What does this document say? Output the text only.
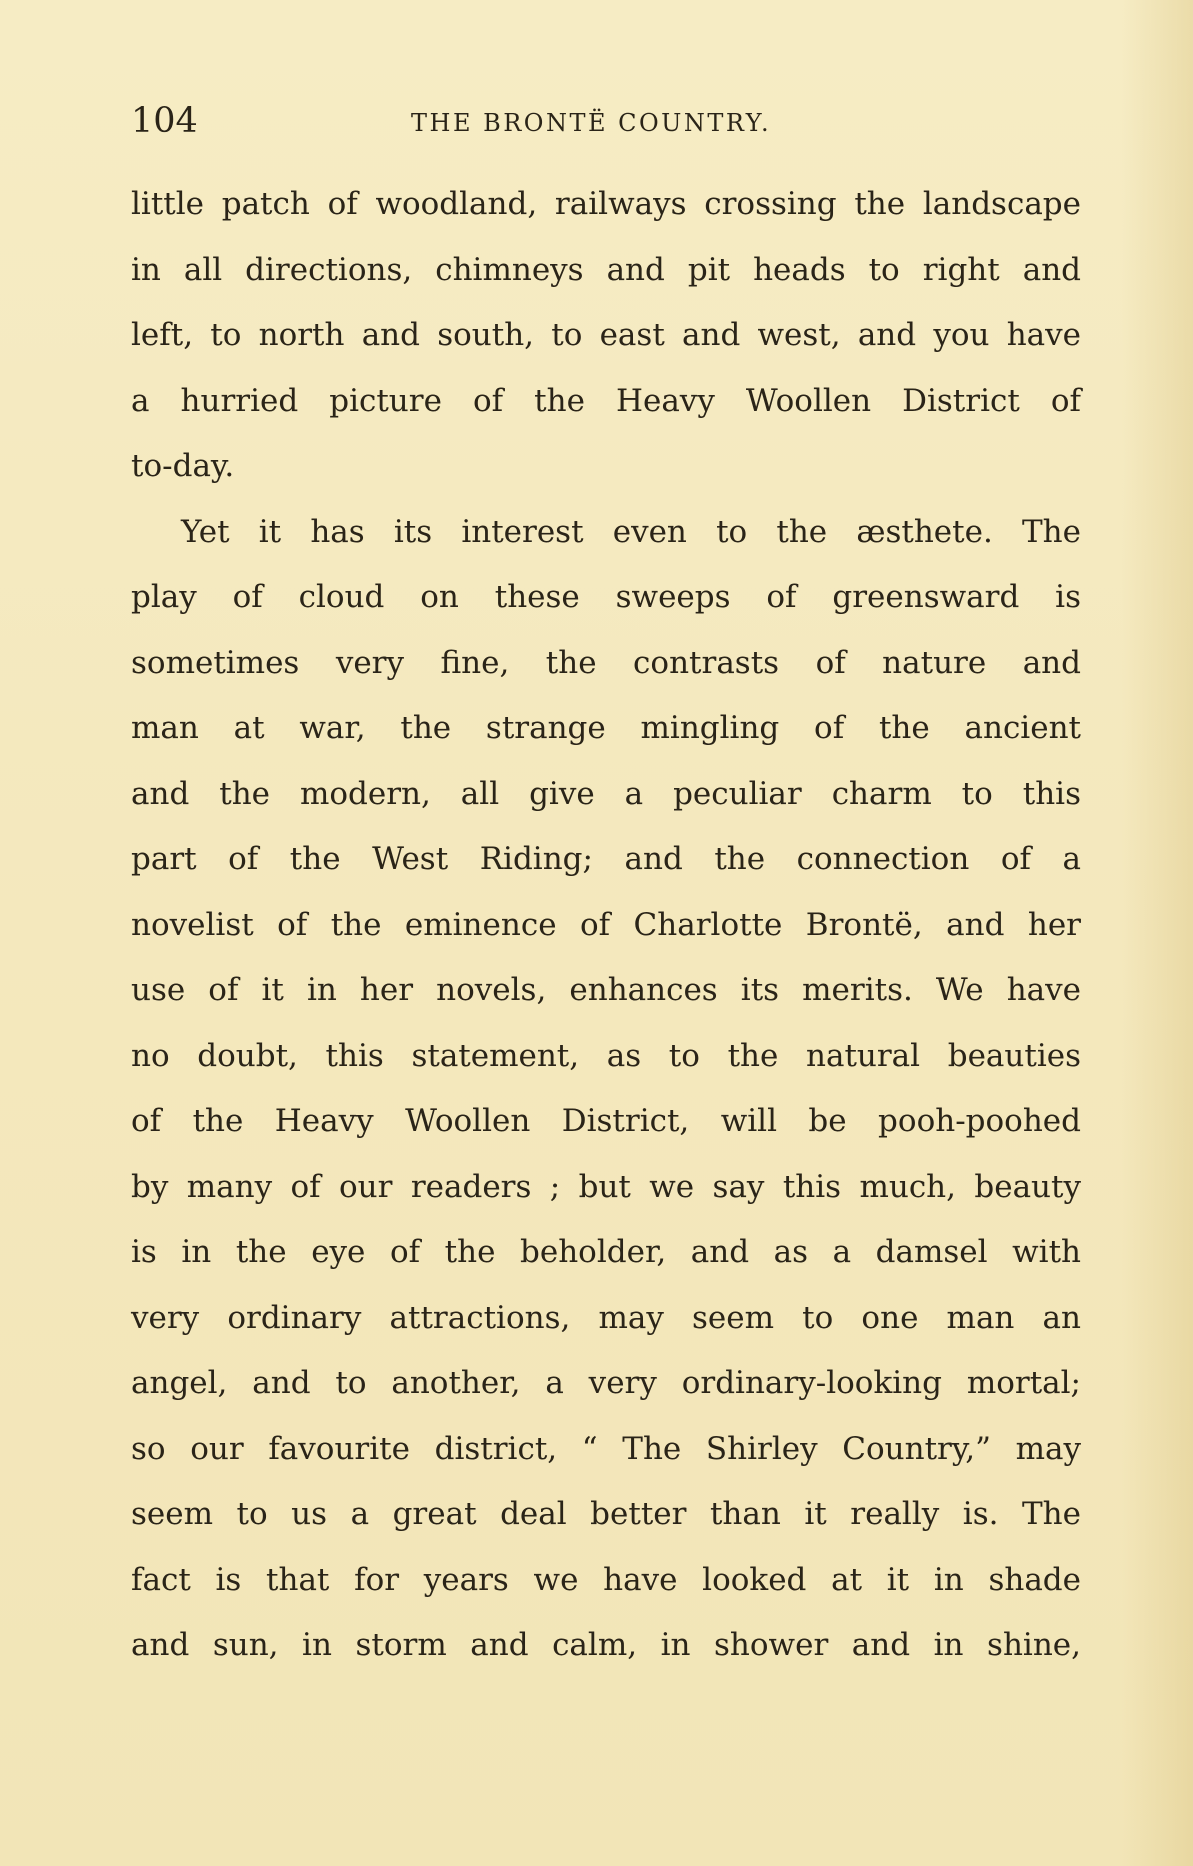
104	THE BRONTË COUNTRY.
little patch of woodland, railways crossing the landscape
in all directions, chimneys and pit heads to right and
left, to north and south, to east and west, and you have
a hurried picture of the Heavy Woollen District of
to-day.
Yet it has its interest even to the æsthete. The
play of cloud on these sweeps of greensward is
sometimes very fine, the contrasts of nature and
man at war, the strange mingling of the ancient
and the modern, all give a peculiar charm to this
part of the West Riding; and the connection of a
novelist of the eminence of Charlotte Brontë, and her
use of it in her novels, enhances its merits. We have
no doubt, this statement, as to the natural beauties
of the Heavy Woollen District, will be pooh-poohed
by many of our readers ; but we say this much, beauty
is in the eye of the beholder, and as a damsel with
very ordinary attractions, may seem to one man an
angel, and to another, a very ordinary-looking mortal;
so our favourite district, “ The Shirley Country,” may
seem to us a great deal better than it really is. The
fact is that for years we have looked at it in shade
and sun, in storm and calm, in shower and in shine,
